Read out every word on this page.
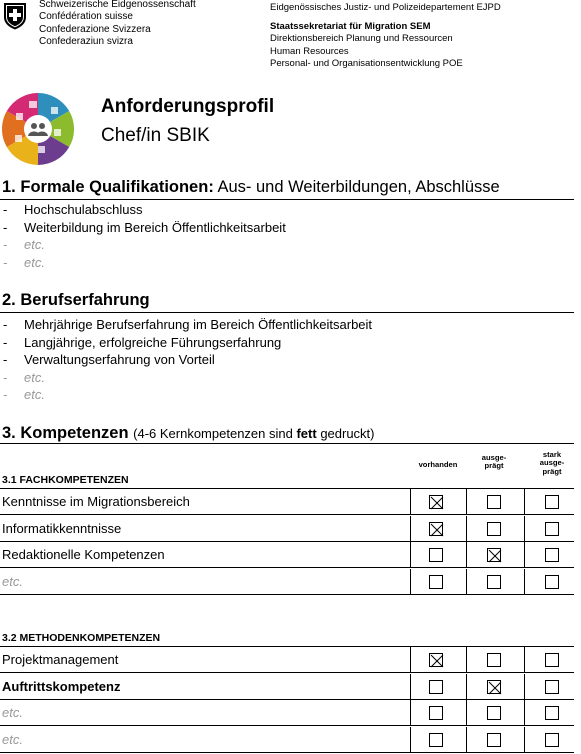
Schweizerische Eidgenossenschaft
Confédération suisse
Confederazione Svizzera
Confederaziun svizra
Eidgenössisches Justiz- und Polizeidepartement EJPD
Staatssekretariat für Migration SEM
Direktionsbereich Planung und Ressourcen
Human Resources
Personal- und Organisationsentwicklung POE
Anforderungsprofil
Chef/in SBIK
1. Formale Qualifikationen: Aus- und Weiterbildungen, Abschlüsse
- Hochschulabschluss
- Weiterbildung im Bereich Öffentlichkeitsarbeit
- etc.
- etc.
2. Berufserfahrung
- Mehrjährige Berufserfahrung im Bereich Öffentlichkeitsarbeit
- Langjährige, erfolgreiche Führungserfahrung
- Verwaltungserfahrung von Vorteil
- etc.
- etc.
3. Kompetenzen (4-6 Kernkompetenzen sind fett gedruckt)
vorhanden
ausge-
prägt
stark
ausge-
prägt
3.1 FACHKOMPETENZEN
Kenntnisse im Migrationsbereich
Informatikkenntnisse
Redaktionelle Kompetenzen
etc.
3.2 METHODENKOMPETENZEN
Projektmanagement
Auftrittskompetenz
etc.
etc.
